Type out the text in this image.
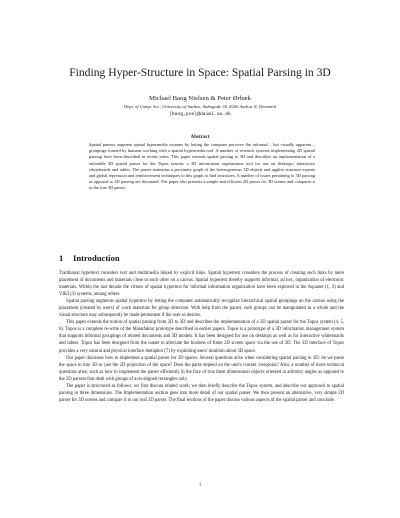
Finding Hyper-Structure in Space: Spatial Parsing in 3D
Michael Bang Nielsen & Peter Ørbæk
Dept. of Comp. Sci., University of Aarhus, Aabogade 34, 8200 Aarhus N, Denmark
{bang,poe}@daimi.au.dk
Abstract
Spatial parsers augment spatial hypermedia systems by letting the computer perceive the informal – but visually apparent – groupings formed by humans working with a spatial hypermedia tool. A number of research systems implementing 2D spatial parsing have been described in recent years. This paper extends spatial parsing to 3D and describes an implementation of a tailorable 3D spatial parser for the Topos system: a 3D information organization tool for use on desktops, interactive whiteboards and tables. The parser maintains a proximity graph of the heterogeneous 3D objects and applies structure experts and global repression and reinforcement techniques to this graph to find structures. A number of issues pertaining to 3D parsing as opposed to 2D parsing are discussed. The paper also presents a simple and efficient 2D parser for 3D scenes and compares it to the true 3D parser.
1 Introduction

Traditional hypertext considers text and multimedia linked by explicit links. Spatial hypertext considers the process of creating such links by mere placement of documents and materials close to each other on a canvas. Spatial hypertext thereby supports informal, ad hoc, organization of electronic materials. Within the last decade the virtues of spatial hypertext for informal information organization have been explored in the Aquanet (1, 2) and VIKI (3) systems, among others.

Spatial parsing augments spatial hypertext by letting the computer automatically recognize hierarchical spatial groupings on the canvas using the placement (created by users) of work materials for group detection. With help from the parser, such groups can be manipulated as a whole and the visual structure may subsequently be made permanent if the user so desires.

This paper extends the notion of spatial parsing from 2D to 3D and describes the implementation of a 3D spatial parser for the Topos system (4, 5, 6). Topos is a complete re-write of the Manufaktur prototype described in earlier papers. Topos is a prototype of a 3D information management system that supports informal groupings of related documents and 3D models. It has been designed for use on desktops as well as for interactive whiteboards and tables. Topos has been designed from the outset to alleviate the burdens of finite 2D screen space via the use of 3D. The 3D interface of Topos provides a very natural and physical interface metaphor (7) by exploiting users' intuition about 3D space.

Our paper discusses how to implement a spatial parser for 3D spaces. Several questions arise when considering spatial parsing in 3D: do we parse the space in true 3D or just the 2D projection of the space? Does the parse depend on the user's current viewpoint? Also, a number of more technical questions arise, such as how to implement the parser efficiently in the face of true three dimensional objects oriented at arbitrary angles as opposed to the 2D parsers that dealt with groups of axis-aligned rectangles only.

The paper is structured as follows: we first discuss related work; we then briefly describe the Topos system, and describe our approach to spatial parsing in three dimensions. The Implementation section goes into more detail of our spatial parser. We then present an alternative, very simple 2D parser for 3D scenes and compare it to our real 3D parser. The final sections of the paper discuss various aspects of the spatial parser and conclude.

1
